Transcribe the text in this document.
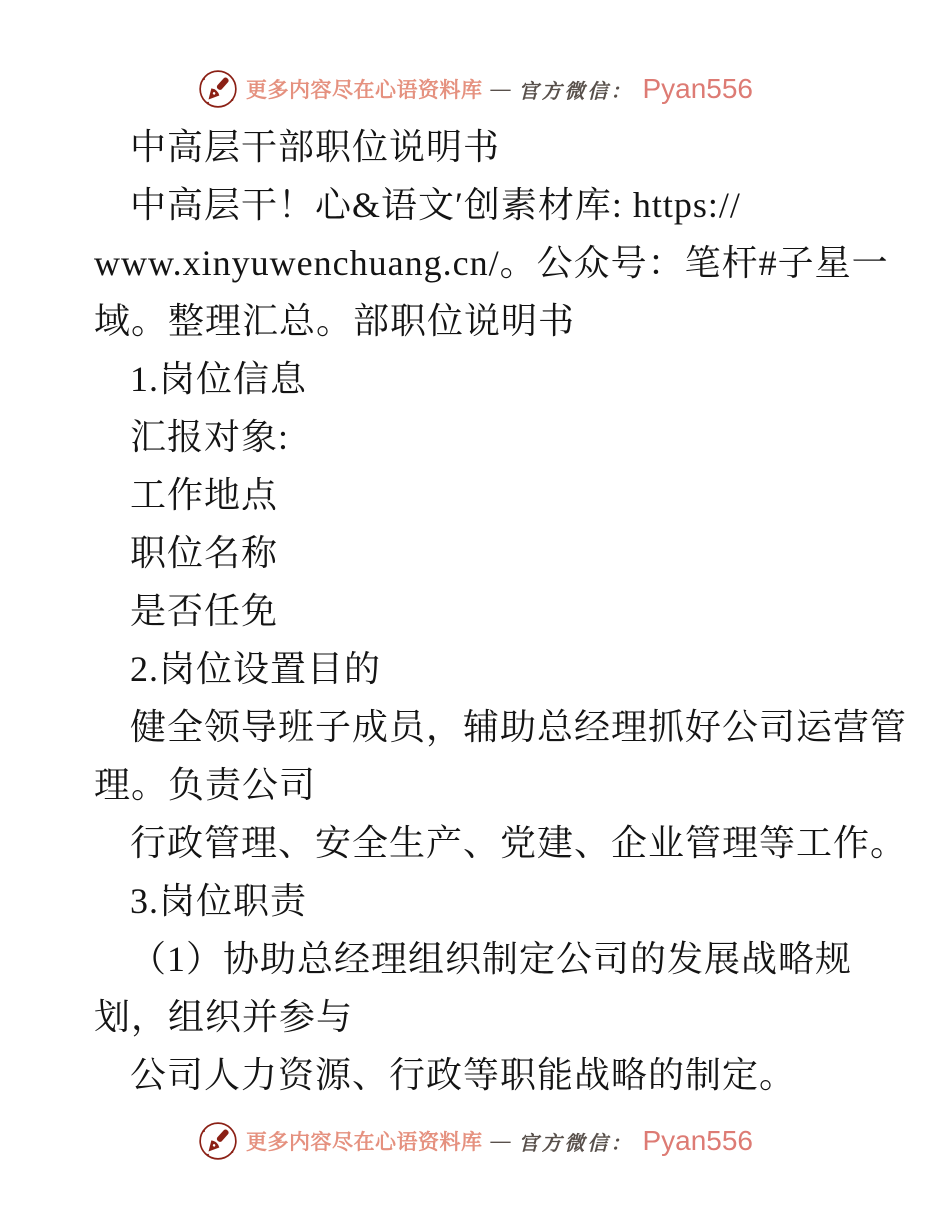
更多内容尽在心语资料库 — 官方微信： Pyan556
中高层干部职位说明书
中高层干！心&语文′创素材库: https://
www.xinyuwenchuang.cn/。公众号：笔杆#子星一
域。整理汇总。部职位说明书
1.岗位信息
汇报对象:
工作地点
职位名称
是否任免
2.岗位设置目的
健全领导班子成员，辅助总经理抓好公司运营管
理。负责公司
行政管理、安全生产、党建、企业管理等工作。
3.岗位职责
（1）协助总经理组织制定公司的发展战略规
划，组织并参与
公司人力资源、行政等职能战略的制定。
更多内容尽在心语资料库 — 官方微信： Pyan556
